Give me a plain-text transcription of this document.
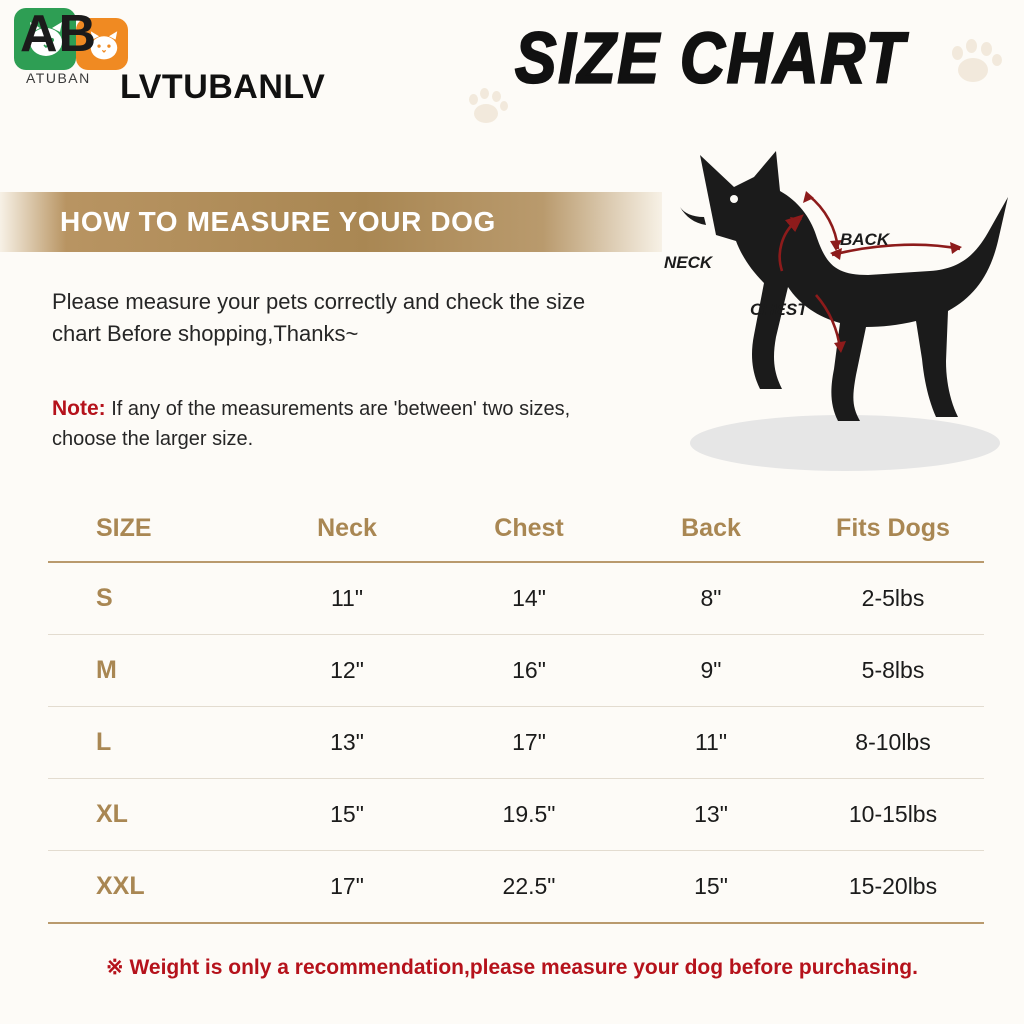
AB
ATUBAN LVTUBANLV	SIZE CHART
HOW TO MEASURE YOUR DOG
Please measure your pets correctly and check the size chart Before shopping,Thanks~
Note: If any of the measurements are 'between' two sizes, choose the larger size.
NECK
BACK
CHEST
SIZE	Neck	Chest	Back	Fits Dogs
S	11"	14"	8"	2-5lbs
M	12"	16"	9"	5-8lbs
L	13"	17"	11"	8-10lbs
XL	15"	19.5"	13"	10-15lbs
XXL	17"	22.5"	15"	15-20lbs
※ Weight is only a recommendation,please measure your dog before purchasing.
